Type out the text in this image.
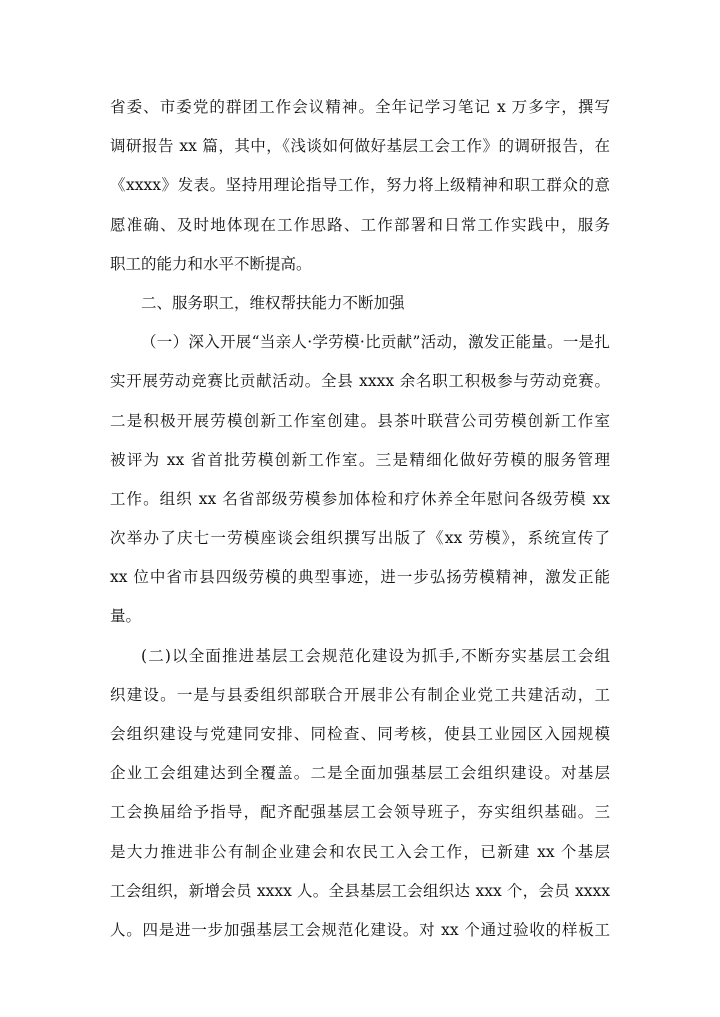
省委、市委党的群团工作会议精神。全年记学习笔记 x 万多字，撰写
调研报告 xx 篇，其中，《浅谈如何做好基层工会工作》的调研报告，在
《xxxx》发表。坚持用理论指导工作，努力将上级精神和职工群众的意
愿准确、及时地体现在工作思路、工作部署和日常工作实践中，服务
职工的能力和水平不断提高。
二、服务职工，维权帮扶能力不断加强
（一）深入开展“当亲人·学劳模·比贡献”活动，激发正能量。一是扎
实开展劳动竞赛比贡献活动。全县 xxxx 余名职工积极参与劳动竞赛。
二是积极开展劳模创新工作室创建。县茶叶联营公司劳模创新工作室
被评为 xx 省首批劳模创新工作室。三是精细化做好劳模的服务管理
工作。组织 xx 名省部级劳模参加体检和疗休养全年慰问各级劳模 xx
次举办了庆七一劳模座谈会组织撰写出版了《xx 劳模》，系统宣传了
xx 位中省市县四级劳模的典型事迹，进一步弘扬劳模精神，激发正能
量。
(二)以全面推进基层工会规范化建设为抓手,不断夯实基层工会组
织建设。一是与县委组织部联合开展非公有制企业党工共建活动，工
会组织建设与党建同安排、同检查、同考核，使县工业园区入园规模
企业工会组建达到全覆盖。二是全面加强基层工会组织建设。对基层
工会换届给予指导，配齐配强基层工会领导班子，夯实组织基础。三
是大力推进非公有制企业建会和农民工入会工作，已新建 xx 个基层
工会组织，新增会员 xxxx 人。全县基层工会组织达 xxx 个，会员 xxxx
人。四是进一步加强基层工会规范化建设。对 xx 个通过验收的样板工
